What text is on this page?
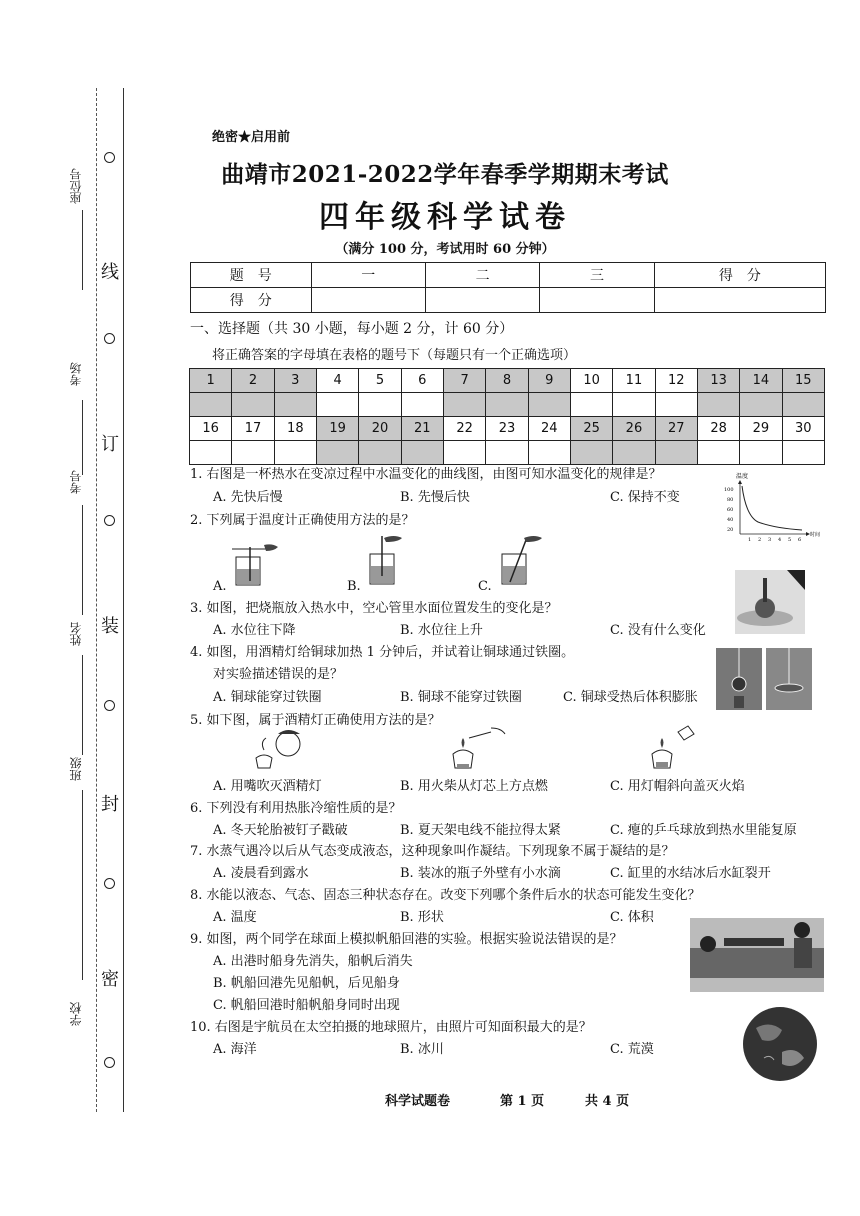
座位号
考场
考号
姓名
班级
学校
线
订
装
封
密
绝密★启用前
曲靖市2021-2022学年春季学期期末考试
四年级科学试卷
（满分 100 分，考试用时 60 分钟）
题　号	一	二	三	得　分
得　分				
一、选择题（共 30 小题，每小题 2 分，计 60 分）
将正确答案的字母填在表格的题号下（每题只有一个正确选项）
1	2	3	4	5	6	7	8	9	10	11	12	13	14	15

16	17	18	19	20	21	22	23	24	25	26	27	28	29	30

1. 右图是一杯热水在变凉过程中水温变化的曲线图，由图可知水温变化的规律是？
A. 先快后慢	B. 先慢后快	C. 保持不变
2. 下列属于温度计正确使用方法的是？
A.	B.	C.
3. 如图，把烧瓶放入热水中，空心管里水面位置发生的变化是？
A. 水位往下降	B. 水位往上升	C. 没有什么变化
4. 如图，用酒精灯给铜球加热 1 分钟后，并试着让铜球通过铁圈。
对实验描述错误的是？
A. 铜球能穿过铁圈	B. 铜球不能穿过铁圈	C. 铜球受热后体积膨胀
5. 如下图，属于酒精灯正确使用方法的是？
A. 用嘴吹灭酒精灯	B. 用火柴从灯芯上方点燃	C. 用灯帽斜向盖灭火焰
6. 下列没有利用热胀冷缩性质的是？
A. 冬天轮胎被钉子戳破	B. 夏天架电线不能拉得太紧	C. 瘪的乒乓球放到热水里能复原
7. 水蒸气遇冷以后从气态变成液态，这种现象叫作凝结。下列现象不属于凝结的是？
A. 凌晨看到露水	B. 装冰的瓶子外壁有小水滴	C. 缸里的水结冰后水缸裂开
8. 水能以液态、气态、固态三种状态存在。改变下列哪个条件后水的状态可能发生变化？
A. 温度	B. 形状	C. 体积
9. 如图，两个同学在球面上模拟帆船回港的实验。根据实验说法错误的是？
A. 出港时船身先消失，船帆后消失
B. 帆船回港先见船帆，后见船身
C. 帆船回港时船帆船身同时出现
10. 右图是宇航员在太空拍摄的地球照片，由照片可知面积最大的是？
A. 海洋	B. 冰川	C. 荒漠
温度
100
80
60
40
20
1 2 3 4 5 6
时间
科学试题卷	第 1 页	共 4 页
